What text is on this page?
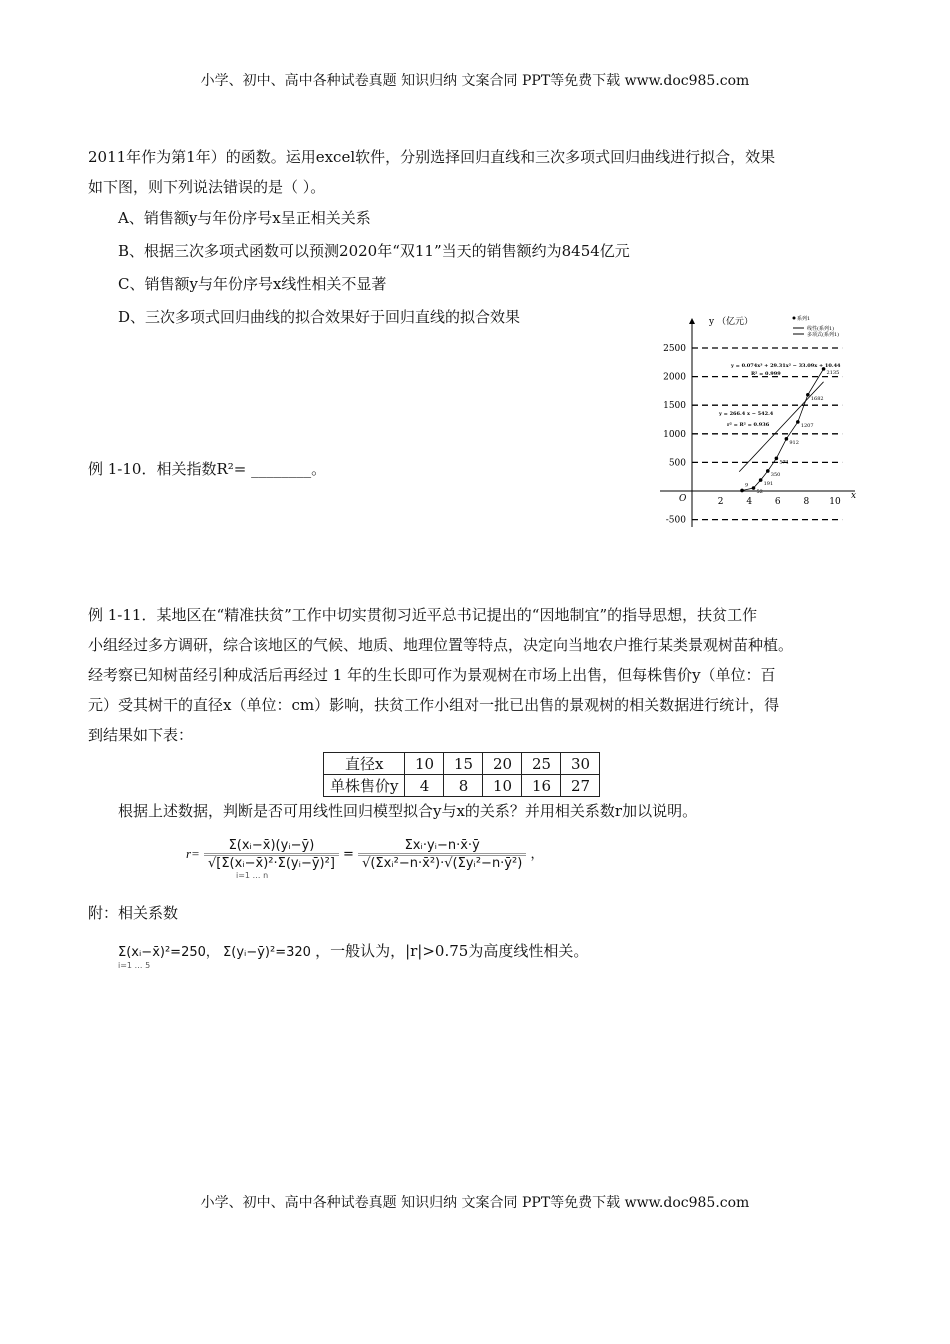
小学、初中、高中各种试卷真题 知识归纳 文案合同 PPT等免费下载 www.doc985.com
2011年作为第1年）的函数。运用excel软件，分别选择回归直线和三次多项式回归曲线进行拟合，效果
如下图，则下列说法错误的是（ ）。
A、销售额y与年份序号x呈正相关关系
B、根据三次多项式函数可以预测2020年“双11”当天的销售额约为8454亿元
C、销售额y与年份序号x线性相关不显著
D、三次多项式回归曲线的拟合效果好于回归直线的拟合效果
-500
500
1000
1500
2000
2500
2	4	6	8 10
9
52
191
350
571
912
1207
1682
2135
y （亿元）
x
O
系列1
线性(系列1)
多项式(系列1)
y = 0.074x³ + 29.31x² − 33.09x + 10.44
R² = 0.999
y = 266.4 x − 542.4
r² = R² = 0.936
例 1-10．相关指数R²= ________。
例 1-11．某地区在“精准扶贫”工作中切实贯彻习近平总书记提出的“因地制宜”的指导思想，扶贫工作
小组经过多方调研，综合该地区的气候、地质、地理位置等特点，决定向当地农户推行某类景观树苗种植。
经考察已知树苗经引种成活后再经过 1 年的生长即可作为景观树在市场上出售，但每株售价y（单位：百
元）受其树干的直径x（单位：cm）影响，扶贫工作小组对一批已出售的景观树的相关数据进行统计，得
到结果如下表：
直径x	10	15	20	25	30
单株售价y	4	8	10	16	27
根据上述数据，判断是否可用线性回归模型拟合y与x的关系？并用相关系数r加以说明。
附：相关系数
$r= \frac{\text{Σ(xᵢ−x̄)(yᵢ−ȳ)}}{\text{√[Σ(xᵢ−x̄)²·Σ(yᵢ−ȳ)²]}} = \frac{\text{Σxᵢ·yᵢ−n·x̄·ȳ}}{\text{√(Σxᵢ²−n·x̄²)·√(Σyᵢ²−n·ȳ²)}}$ ，
i=1 … n
Σ(xᵢ−x̄)²=250， Σ(yᵢ−ȳ)²=320 ，一般认为，|r|>0.75为高度线性相关。
i=1 … 5
小学、初中、高中各种试卷真题 知识归纳 文案合同 PPT等免费下载 www.doc985.com
